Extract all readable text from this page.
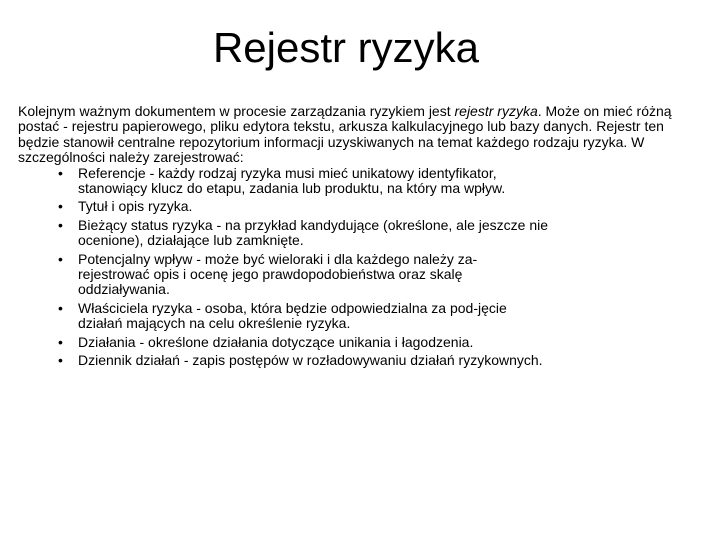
Rejestr ryzyka

Kolejnym ważnym dokumentem w procesie zarządzania ryzykiem jest rejestr ryzyka. Może on mieć różną postać - rejestru papierowego, pliku edytora tekstu, arkusza kalkulacyjnego lub bazy danych. Rejestr ten będzie stanowił centralne repozytorium informacji uzyskiwanych na temat każdego rodzaju ryzyka. W szczególności należy zarejestrować:

• Referencje - każdy rodzaj ryzyka musi mieć unikatowy identyfikator, stanowiący klucz do etapu, zadania lub produktu, na który ma wpływ.
• Tytuł i opis ryzyka.
• Bieżący status ryzyka - na przykład kandydujące (określone, ale jeszcze nie ocenione), działające lub zamknięte.
• Potencjalny wpływ - może być wieloraki i dla każdego należy za-rejestrować opis i ocenę jego prawdopodobieństwa oraz skalę oddziaływania.
• Właściciela ryzyka - osoba, która będzie odpowiedzialna za pod-jęcie działań mających na celu określenie ryzyka.
• Działania - określone działania dotyczące unikania i łagodzenia.
• Dziennik działań - zapis postępów w rozładowywaniu działań ryzykownych.
